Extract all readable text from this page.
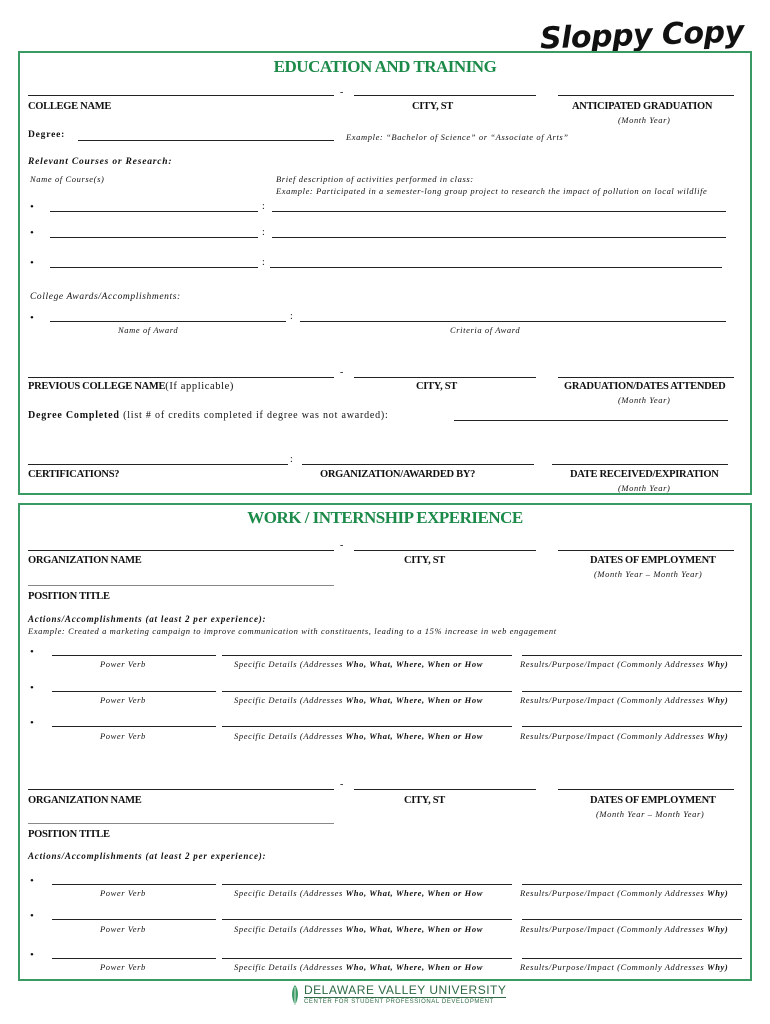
Sloppy Copy
EDUCATION AND TRAINING
-
COLLEGE NAME	CITY, ST	ANTICIPATED GRADUATION
(Month Year)
Degree:	Example: “Bachelor of Science” or “Associate of Arts”
Relevant Courses or Research:
Name of Course(s)	Brief description of activities performed in class:
Example: Participated in a semester-long group project to research the impact of pollution on local wildlife
•	:
•	:
•	:
College Awards/Accomplishments:
•	:
Name of Award	Criteria of Award
-
PREVIOUS COLLEGE NAME(If applicable)	CITY, ST	GRADUATION/DATES ATTENDED
(Month Year)
Degree Completed (list # of credits completed if degree was not awarded):
:
CERTIFICATIONS?	ORGANIZATION/AWARDED BY?	DATE RECEIVED/EXPIRATION
(Month Year)
WORK / INTERNSHIP EXPERIENCE
-
ORGANIZATION NAME	CITY, ST	DATES OF EMPLOYMENT
(Month Year – Month Year)
POSITION TITLE
Actions/Accomplishments (at least 2 per experience):
Example: Created a marketing campaign to improve communication with constituents, leading to a 15% increase in web engagement
•
Power Verb	Specific Details (Addresses Who, What, Where, When or How	Results/Purpose/Impact (Commonly Addresses Why)
•
Power Verb	Specific Details (Addresses Who, What, Where, When or How	Results/Purpose/Impact (Commonly Addresses Why)
•
Power Verb	Specific Details (Addresses Who, What, Where, When or How	Results/Purpose/Impact (Commonly Addresses Why)
-
ORGANIZATION NAME	CITY, ST	DATES OF EMPLOYMENT
(Month Year – Month Year)
POSITION TITLE
Actions/Accomplishments (at least 2 per experience):
•
Power Verb	Specific Details (Addresses Who, What, Where, When or How	Results/Purpose/Impact (Commonly Addresses Why)
•
Power Verb	Specific Details (Addresses Who, What, Where, When or How	Results/Purpose/Impact (Commonly Addresses Why)
•
Power Verb	Specific Details (Addresses Who, What, Where, When or How	Results/Purpose/Impact (Commonly Addresses Why)
DELAWARE VALLEY UNIVERSITY
CENTER FOR STUDENT PROFESSIONAL DEVELOPMENT
